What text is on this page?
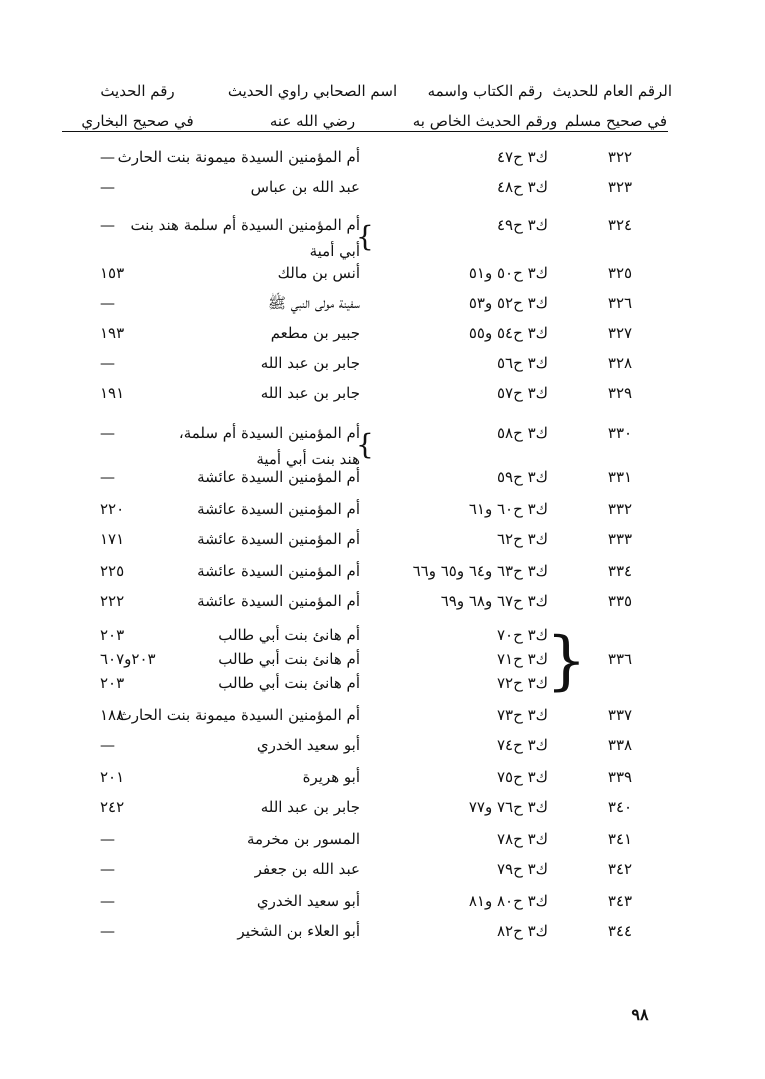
الرقم العام للحديث
في صحيح مسلم
رقم الكتاب واسمه
ورقم الحديث الخاص به
اسم الصحابي راوي الحديث
رضي الله عنه
رقم الحديث
في صحيح البخاري
٣٢٢
ك٣ ح٤٧
أم المؤمنين السيدة ميمونة بنت الحارث
—
٣٢٣
ك٣ ح٤٨
عبد الله بن عباس
—
٣٢٤
ك٣ ح٤٩
أم المؤمنين السيدة أم سلمة هند بنت
—
أبي أمية
{
٣٢٥
ك٣ ح٥٠ و٥١
أنس بن مالك
١٥٣
٣٢٦
ك٣ ح٥٢ و٥٣
سفينة مولى النبي ﷺ
—
٣٢٧
ك٣ ح٥٤ و٥٥
جبير بن مطعم
١٩٣
٣٢٨
ك٣ ح٥٦
جابر بن عبد الله
—
٣٢٩
ك٣ ح٥٧
جابر بن عبد الله
١٩١
٣٣٠
ك٣ ح٥٨
أم المؤمنين السيدة أم سلمة،
—
هند بنت أبي أمية
{
٣٣١
ك٣ ح٥٩
أم المؤمنين السيدة عائشة
—
٣٣٢
ك٣ ح٦٠ و٦١
أم المؤمنين السيدة عائشة
٢٢٠
٣٣٣
ك٣ ح٦٢
أم المؤمنين السيدة عائشة
١٧١
٣٣٤
ك٣ ح٦٣ و٦٤ و٦٥ و٦٦
أم المؤمنين السيدة عائشة
٢٢٥
٣٣٥
ك٣ ح٦٧ و٦٨ و٦٩
أم المؤمنين السيدة عائشة
٢٢٢
ك٣ ح٧٠
أم هانئ بنت أبي طالب
٢٠٣
٣٣٦
ك٣ ح٧١
أم هانئ بنت أبي طالب
٢٠٣و٦٠٧
ك٣ ح٧٢
أم هانئ بنت أبي طالب
٢٠٣
٣٣٧
ك٣ ح٧٣
أم المؤمنين السيدة ميمونة بنت الحارث
١٨٨
٣٣٨
ك٣ ح٧٤
أبو سعيد الخدري
—
٣٣٩
ك٣ ح٧٥
أبو هريرة
٢٠١
٣٤٠
ك٣ ح٧٦ و٧٧
جابر بن عبد الله
٢٤٢
٣٤١
ك٣ ح٧٨
المسور بن مخرمة
—
٣٤٢
ك٣ ح٧٩
عبد الله بن جعفر
—
٣٤٣
ك٣ ح٨٠ و٨١
أبو سعيد الخدري
—
٣٤٤
ك٣ ح٨٢
أبو العلاء بن الشخير
—
}
٩٨
